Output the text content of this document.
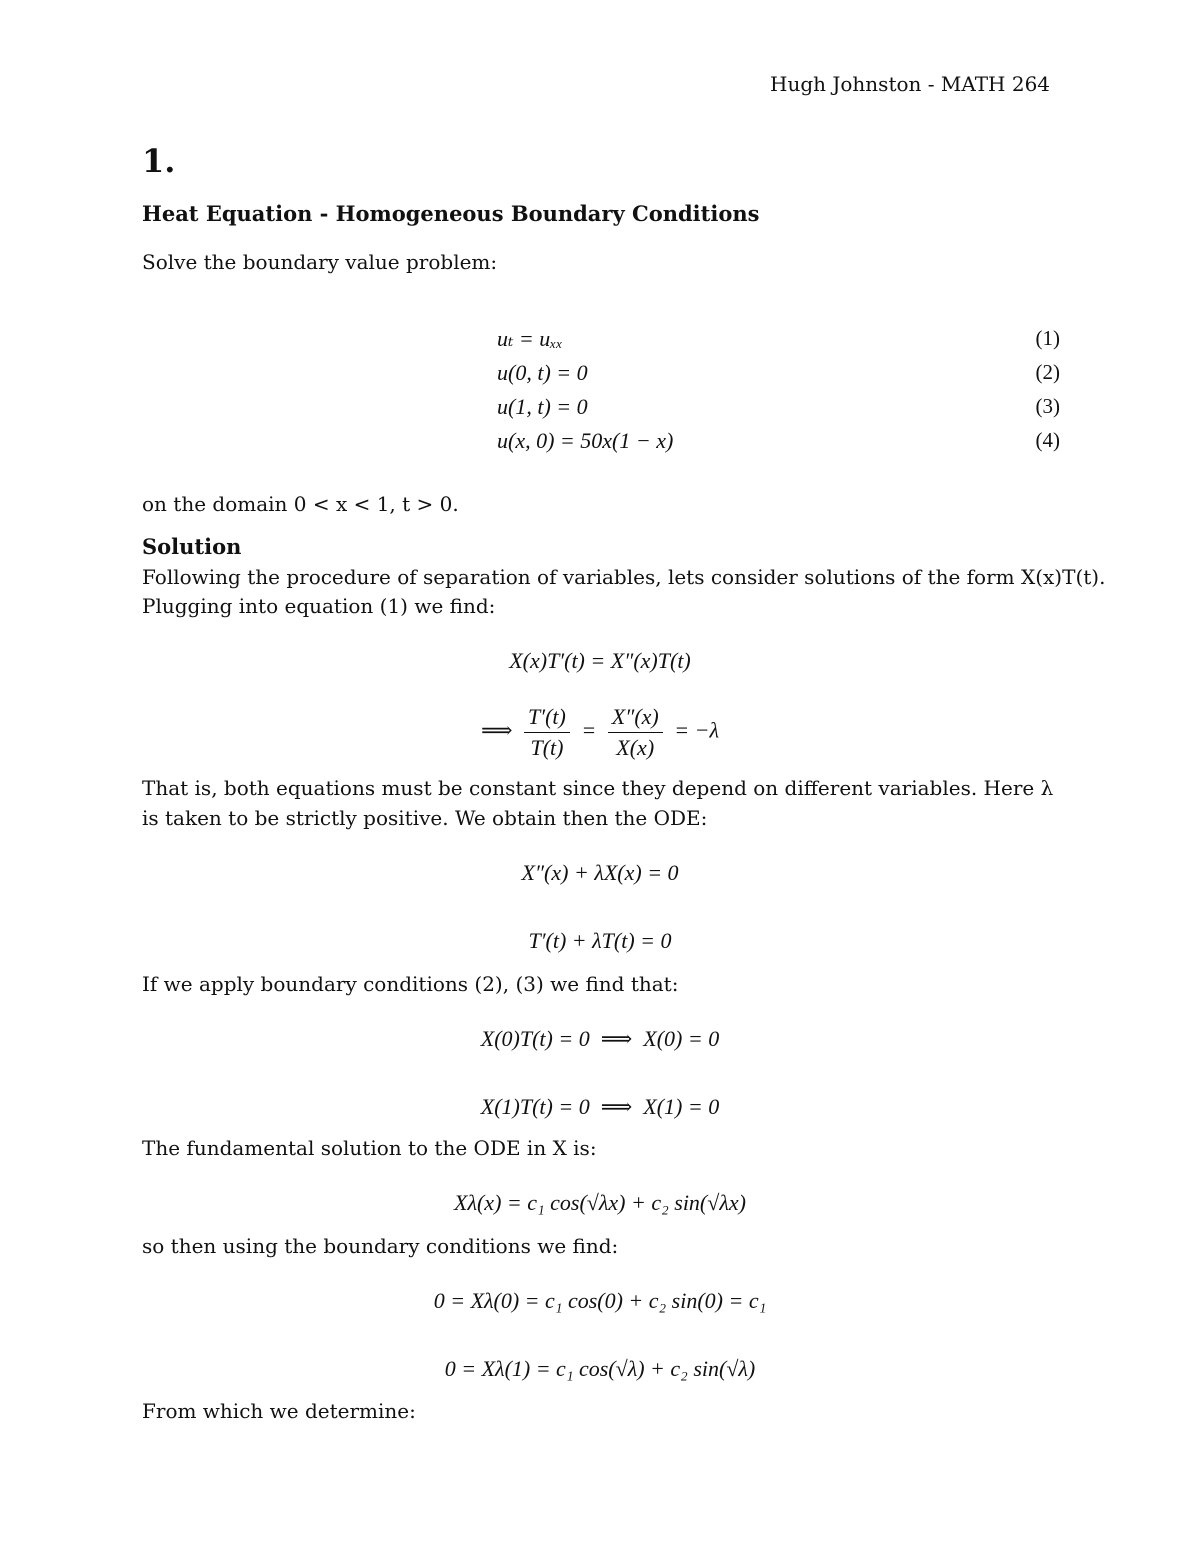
Hugh Johnston - MATH 264
1.
Heat Equation - Homogeneous Boundary Conditions
Solve the boundary value problem:
uₜ = uₓₓ	(1)
u(0, t) = 0	(2)
u(1, t) = 0	(3)
u(x, 0) = 50x(1 − x)	(4)
on the domain 0 < x < 1, t > 0.
Solution
Following the procedure of separation of variables, lets consider solutions of the form X(x)T(t).
Plugging into equation (1) we find:
X(x)T′(t) = X″(x)T(t)
⟹ $\frac{T'(t)}{T(t)} = \frac{X''(x)}{X(x)} = -\lambda$
That is, both equations must be constant since they depend on different variables. Here λ
is taken to be strictly positive. We obtain then the ODE:
X″(x) + λX(x) = 0
T′(t) + λT(t) = 0
If we apply boundary conditions (2), (3) we find that:
X(0)T(t) = 0  ⟹  X(0) = 0
X(1)T(t) = 0  ⟹  X(1) = 0
The fundamental solution to the ODE in X is:
Xλ(x) = c₁ cos(√λx) + c₂ sin(√λx)
so then using the boundary conditions we find:
0 = Xλ(0) = c₁ cos(0) + c₂ sin(0) = c₁
0 = Xλ(1) = c₁ cos(√λ) + c₂ sin(√λ)
From which we determine:
